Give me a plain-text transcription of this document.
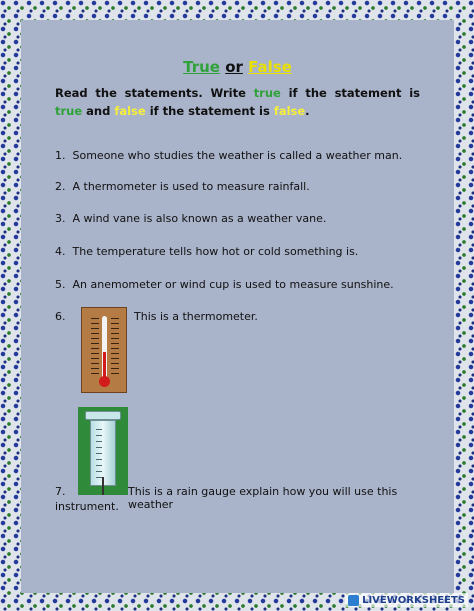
True or False
Read the statements. Write true if the statement is true and false if the statement is false.
1. Someone who studies the weather is called a weather man.
2. A thermometer is used to measure rainfall.
3. A wind vane is also known as a weather vane.
4. The temperature tells how hot or cold something is.
5. An anemometer or wind cup is used to measure sunshine.
6.	This is a thermometer.
7.	This is a rain gauge explain how you will use this weather
instrument.
LIVEWORKSHEETS
